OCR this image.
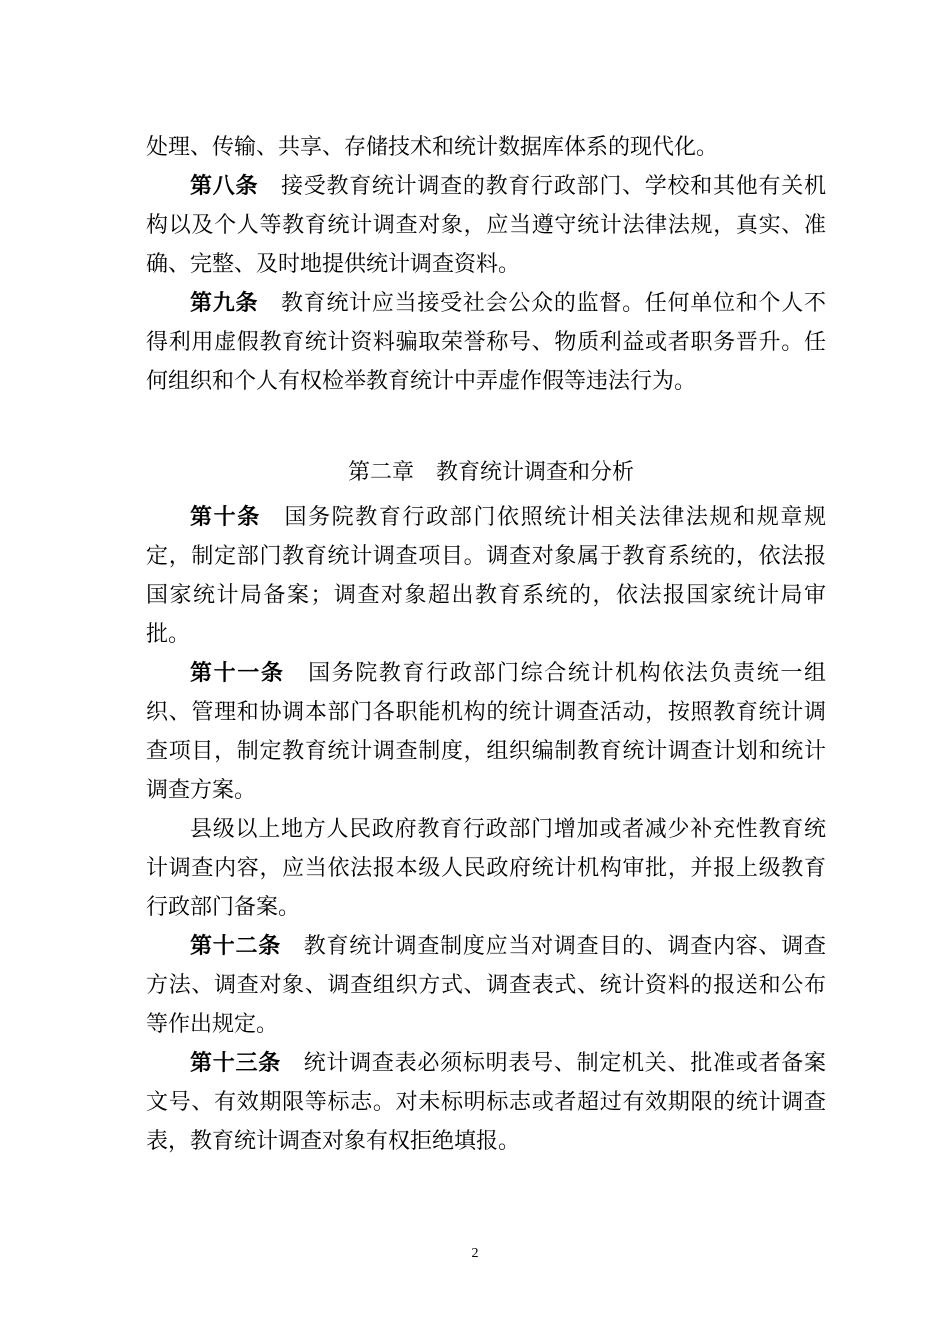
处理、传输、共享、存储技术和统计数据库体系的现代化。

第八条 接受教育统计调查的教育行政部门、学校和其他有关机构以及个人等教育统计调查对象，应当遵守统计法律法规，真实、准确、完整、及时地提供统计调查资料。

第九条 教育统计应当接受社会公众的监督。任何单位和个人不得利用虚假教育统计资料骗取荣誉称号、物质利益或者职务晋升。任何组织和个人有权检举教育统计中弄虚作假等违法行为。

第二章　教育统计调查和分析

第十条 国务院教育行政部门依照统计相关法律法规和规章规定，制定部门教育统计调查项目。调查对象属于教育系统的，依法报国家统计局备案；调查对象超出教育系统的，依法报国家统计局审批。

第十一条 国务院教育行政部门综合统计机构依法负责统一组织、管理和协调本部门各职能机构的统计调查活动，按照教育统计调查项目，制定教育统计调查制度，组织编制教育统计调查计划和统计调查方案。

县级以上地方人民政府教育行政部门增加或者减少补充性教育统计调查内容，应当依法报本级人民政府统计机构审批，并报上级教育行政部门备案。

第十二条 教育统计调查制度应当对调查目的、调查内容、调查方法、调查对象、调查组织方式、调查表式、统计资料的报送和公布等作出规定。

第十三条 统计调查表必须标明表号、制定机关、批准或者备案文号、有效期限等标志。对未标明标志或者超过有效期限的统计调查表，教育统计调查对象有权拒绝填报。

2
